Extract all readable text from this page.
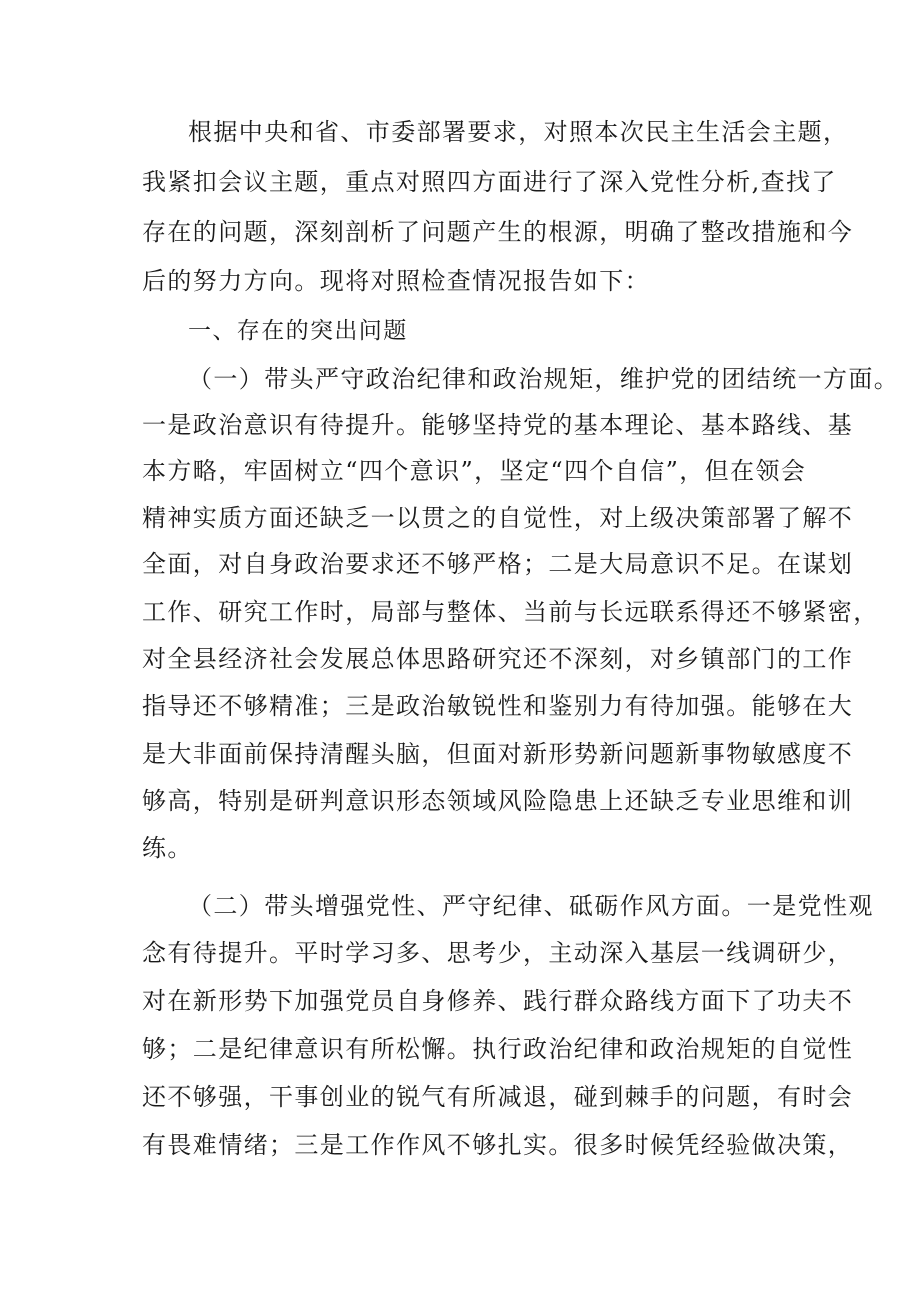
根据中央和省、市委部署要求，对照本次民主生活会主题，

我紧扣会议主题，重点对照四方面进行了深入党性分析,查找了

存在的问题，深刻剖析了问题产生的根源，明确了整改措施和今

后的努力方向。现将对照检查情况报告如下：

一、存在的突出问题

（一）带头严守政治纪律和政治规矩，维护党的团结统一方面。

一是政治意识有待提升。能够坚持党的基本理论、基本路线、基

本方略，牢固树立“四个意识”，坚定“四个自信”，但在领会

精神实质方面还缺乏一以贯之的自觉性，对上级决策部署了解不

全面，对自身政治要求还不够严格；二是大局意识不足。在谋划

工作、研究工作时，局部与整体、当前与长远联系得还不够紧密，

对全县经济社会发展总体思路研究还不深刻，对乡镇部门的工作

指导还不够精准；三是政治敏锐性和鉴别力有待加强。能够在大

是大非面前保持清醒头脑，但面对新形势新问题新事物敏感度不

够高，特别是研判意识形态领域风险隐患上还缺乏专业思维和训

练。

（二）带头增强党性、严守纪律、砥砺作风方面。一是党性观

念有待提升。平时学习多、思考少，主动深入基层一线调研少，

对在新形势下加强党员自身修养、践行群众路线方面下了功夫不

够；二是纪律意识有所松懈。执行政治纪律和政治规矩的自觉性

还不够强，干事创业的锐气有所减退，碰到棘手的问题，有时会

有畏难情绪；三是工作作风不够扎实。很多时候凭经验做决策，
